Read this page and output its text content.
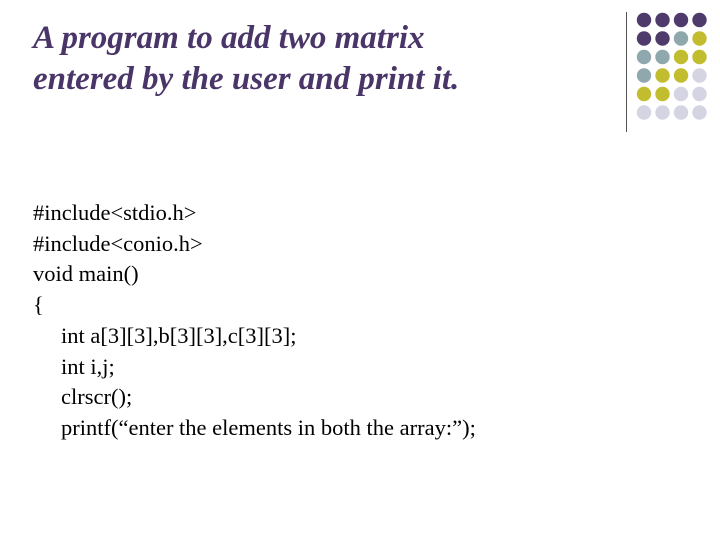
A program to add two matrix
entered by the user and print it.
#include<stdio.h>
#include<conio.h>
void main()
{
int a[3][3],b[3][3],c[3][3];
int i,j;
clrscr();
printf(“enter the elements in both the array:”);
